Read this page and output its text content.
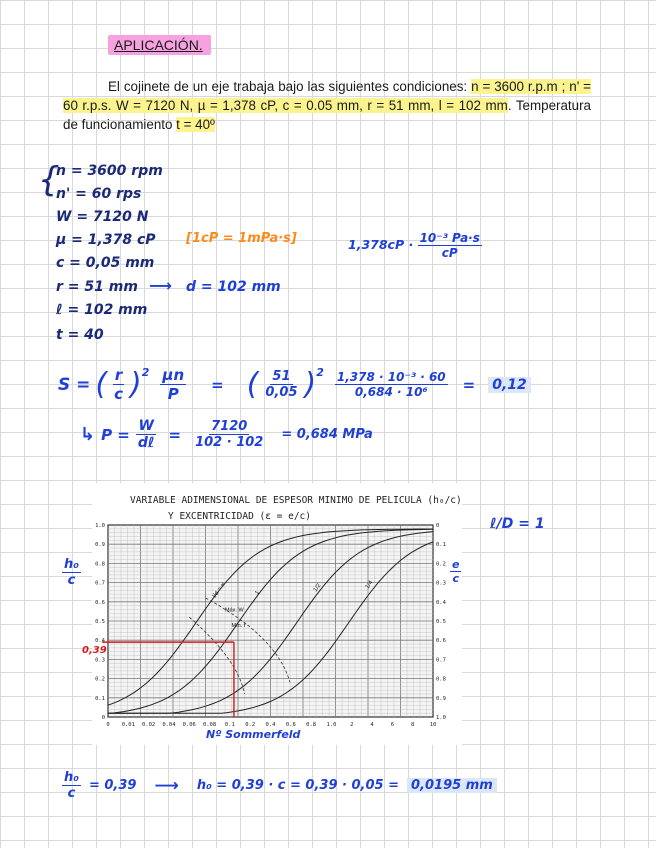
APLICACIÓN.
El cojinete de un eje trabaja bajo las siguientes condiciones: n = 3600 r.p.m ; n' = 60 r.p.s. W = 7120 N, µ = 1,378 cP, c = 0.05 mm, r = 51 mm, l = 102 mm. Temperatura de funcionamiento t = 40º
{
n = 3600 rpm
n' = 60 rps
W = 7120 N
µ = 1,378 cP [1cP = 1mPa·s]	$1,378cP \cdot \frac{\text{10⁻³ Pa·s}}{cP}$
c = 0,05 mm
r = 51 mm ⟶ d = 102 mm
ℓ = 102 mm
t = 40
S = ( $\frac{r}{c} )^2 \frac{\text{µn}}{P}$ = ( $\frac{51}{0,05} )^2 \frac{\text{1,378 · 10⁻³ · 60}}{\text{0,684 · 10⁶}} = 0,12$
↳ $P = \frac{W}{\text{dℓ}} = \frac{7120}{102 \cdot 102} = 0,684$ MPa
VARIABLE ADIMENSIONAL DE ESPESOR MINIMO DE PELICULA (h₀/c)
Y EXCENTRICIDAD (ε = e/c)
0 0.01 0.02 0.04 0.06 0.08 0.1 0.2 0.4 0.6 0.8 1.0 2	4	6	8	10
0
0.1
0.2
0.3
0.4
0.5
0.6
0.7
0.8
0.9
1.0
1.0
0.9
0.8
0.7
0.6
0.5
0.4
0.3
0.2
0.1
0
l/d = ∞	1	1/2	1/4
Máx. W
Mín. f
$\frac{\text{h₀}}{c}$	$\frac{e}{c}$
ℓ/D = 1
0,39
Nº Sommerfeld
$\frac{\text{h₀}}{c} = 0,39$ ⟶ h₀ = 0,39 · c = 0,39 · 0,05 = 0,0195 mm
